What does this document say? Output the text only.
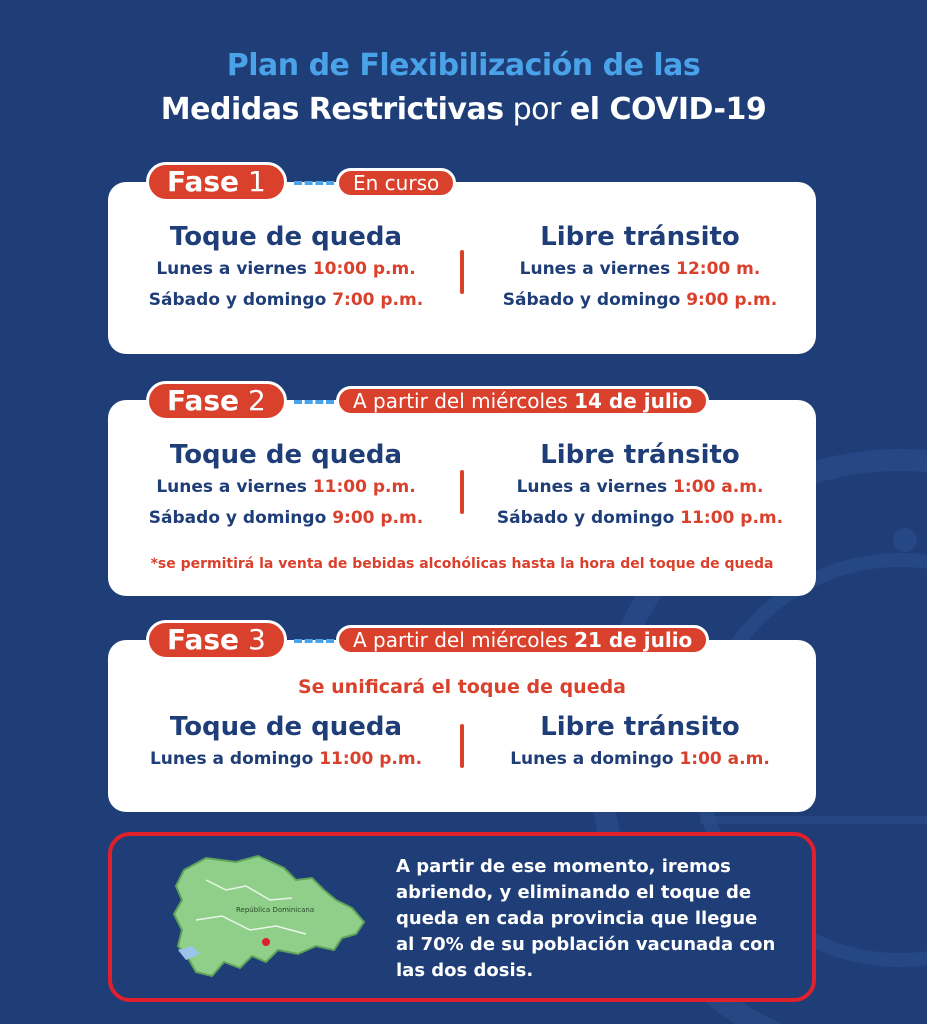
Plan de Flexibilización de las
Medidas Restrictivas por el COVID-19
Toque de queda

Lunes a viernes 10:00 p.m.

Sábado y domingo 7:00 p.m.

Libre tránsito

Lunes a viernes 12:00 m.

Sábado y domingo 9:00 p.m.

Fase 1	En curso
Toque de queda

Lunes a viernes 11:00 p.m.

Sábado y domingo 9:00 p.m.

Libre tránsito

Lunes a viernes 1:00 a.m.

Sábado y domingo 11:00 p.m.

*se permitirá la venta de bebidas alcohólicas hasta la hora del toque de queda
Fase 2	A partir del miércoles 14 de julio
Se unificará el toque de queda
Toque de queda

Lunes a domingo 11:00 p.m.

Libre tránsito

Lunes a domingo 1:00 a.m.

Fase 3	A partir del miércoles 21 de julio
República Dominicana
A partir de ese momento, iremos abriendo, y eliminando el toque de queda en cada provincia que llegue al 70% de su población vacunada con las dos dosis.
